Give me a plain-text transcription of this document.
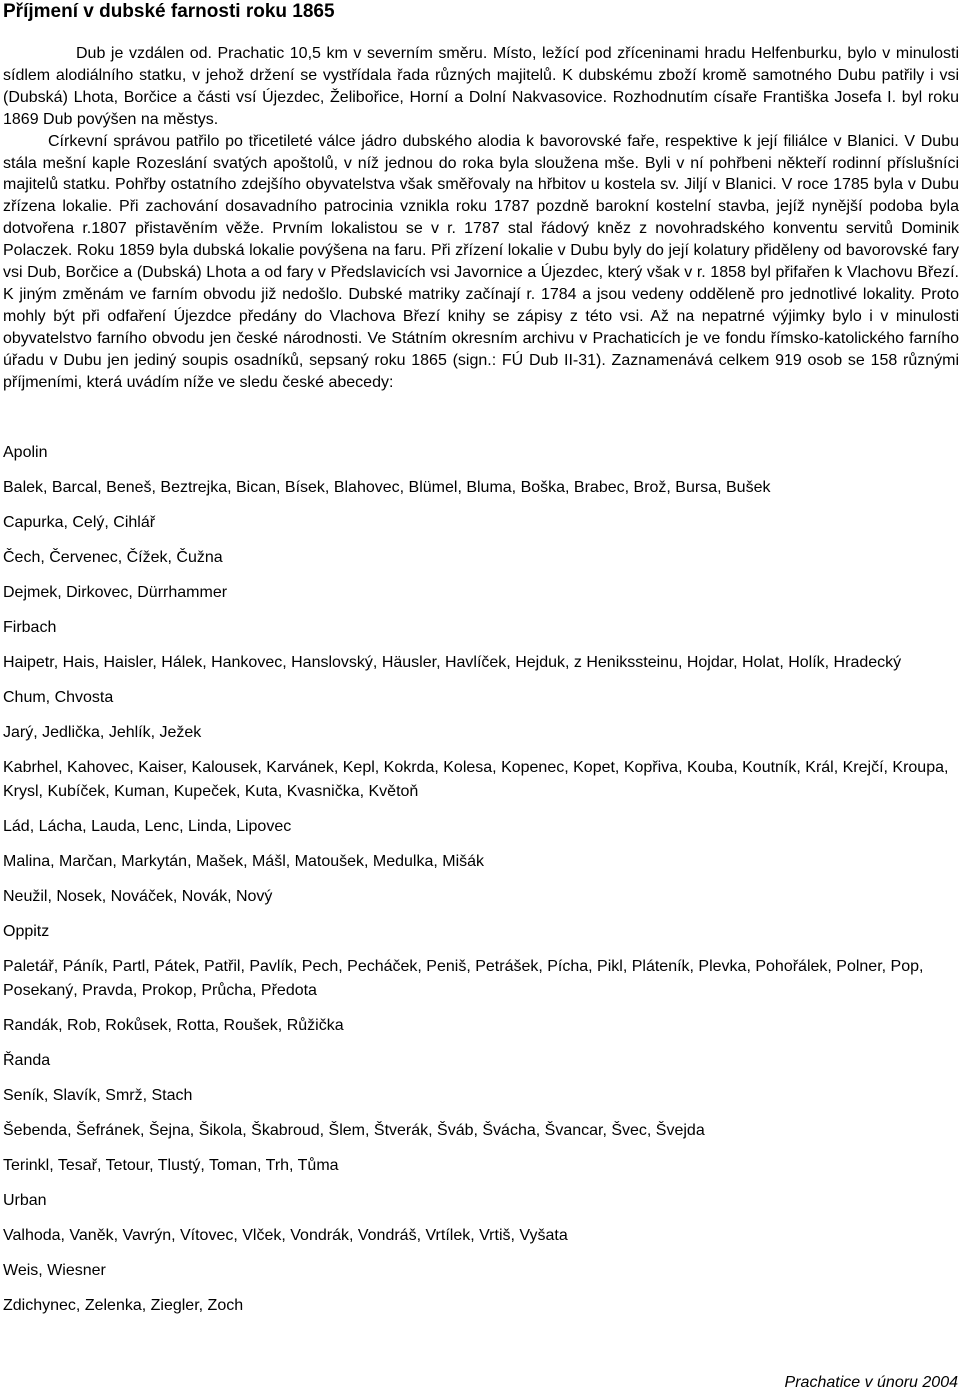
Příjmení v dubské farnosti roku 1865

Dub je vzdálen od. Prachatic 10,5 km v severním směru. Místo, ležící pod zříceninami hradu Helfenburku, bylo v minulosti sídlem alodiálního statku, v jehož držení se vystřídala řada různých majitelů. K dubskému zboží kromě samotného Dubu patřily i vsi (Dubská) Lhota, Borčice a části vsí Újezdec, Želibořice, Horní a Dolní Nakvasovice. Rozhodnutím císaře Františka Josefa I. byl roku 1869 Dub povýšen na městys.

Církevní správou patřilo po třicetileté válce jádro dubského alodia k bavorovské faře, respektive k její filiálce v Blanici. V Dubu stála mešní kaple Rozeslání svatých apoštolů, v níž jednou do roka byla sloužena mše. Byli v ní pohřbeni někteří rodinní příslušníci majitelů statku. Pohřby ostatního zdejšího obyvatelstva však směřovaly na hřbitov u kostela sv. Jiljí v Blanici. V roce 1785 byla v Dubu zřízena lokalie. Při zachování dosavadního patrocinia vznikla roku 1787 pozdně barokní kostelní stavba, jejíž nynější podoba byla dotvořena r.1807 přistavěním věže. Prvním lokalistou se v r. 1787 stal řádový kněz z novohradského konventu servitů Dominik Polaczek. Roku 1859 byla dubská lokalie povýšena na faru. Při zřízení lokalie v Dubu byly do její kolatury přiděleny od bavorovské fary vsi Dub, Borčice a (Dubská) Lhota a od fary v Předslavicích vsi Javornice a Újezdec, který však v r. 1858 byl přifařen k Vlachovu Březí. K jiným změnám ve farním obvodu již nedošlo. Dubské matriky začínají r. 1784 a jsou vedeny odděleně pro jednotlivé lokality. Proto mohly být při odfaření Újezdce předány do Vlachova Březí knihy se zápisy z této vsi. Až na nepatrné výjimky bylo i v minulosti obyvatelstvo farního obvodu jen české národnosti. Ve Státním okresním archivu v Prachaticích je ve fondu římsko-katolického farního úřadu v Dubu jen jediný soupis osadníků, sepsaný roku 1865 (sign.: FÚ Dub II-31). Zaznamenává celkem 919 osob se 158 různými příjmeními, která uvádím níže ve sledu české abecedy:

Apolin
Balek, Barcal, Beneš, Beztrejka, Bican, Bísek, Blahovec, Blümel, Bluma, Boška, Brabec, Brož, Bursa, Bušek
Capurka, Celý, Cihlář
Čech, Červenec, Čížek, Čužna
Dejmek, Dirkovec, Dürrhammer
Firbach
Haipetr, Hais, Haisler, Hálek, Hankovec, Hanslovský, Häusler, Havlíček, Hejduk, z Henikssteinu, Hojdar, Holat, Holík, Hradecký
Chum, Chvosta
Jarý, Jedlička, Jehlík, Ježek
Kabrhel, Kahovec, Kaiser, Kalousek, Karvánek, Kepl, Kokrda, Kolesa, Kopenec, Kopet, Kopřiva, Kouba, Koutník, Král, Krejčí, Kroupa, Krysl, Kubíček, Kuman, Kupeček, Kuta, Kvasnička, Květoň
Lád, Lácha, Lauda, Lenc, Linda, Lipovec
Malina, Marčan, Markytán, Mašek, Mášl, Matoušek, Medulka, Mišák
Neužil, Nosek, Nováček, Novák, Nový
Oppitz
Paletář, Páník, Partl, Pátek, Patřil, Pavlík, Pech, Pecháček, Peniš, Petrášek, Pícha, Pikl, Pláteník, Plevka, Pohořálek, Polner, Pop, Posekaný, Pravda, Prokop, Průcha, Předota
Randák, Rob, Rokůsek, Rotta, Roušek, Růžička
Řanda
Seník, Slavík, Smrž, Stach
Šebenda, Šefránek, Šejna, Šikola, Škabroud, Šlem, Štverák, Šváb, Švácha, Švancar, Švec, Švejda
Terinkl, Tesař, Tetour, Tlustý, Toman, Trh, Tůma
Urban
Valhoda, Vaněk, Vavrýn, Vítovec, Vlček, Vondrák, Vondráš, Vrtílek, Vrtiš, Vyšata
Weis, Wiesner
Zdichynec, Zelenka, Ziegler, Zoch
Prachatice v únoru 2004
